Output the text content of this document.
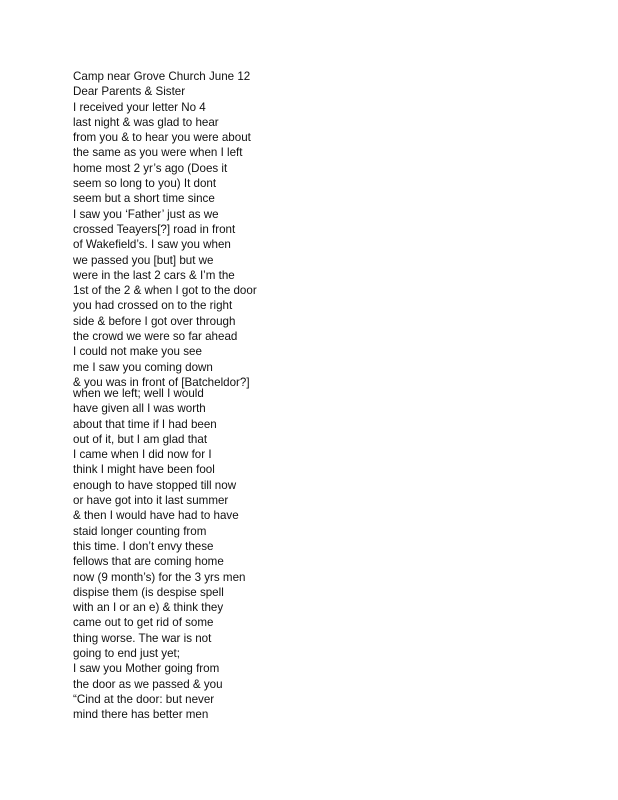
Camp near Grove Church June 12
Dear Parents & Sister
I received your letter No 4
last night & was glad to hear
from you & to hear you were about
the same as you were when I left
home most 2 yr’s ago (Does it
seem so long to you) It dont
seem but a short time since
I saw you ‘Father’ just as we
crossed Teayers[?] road in front
of Wakefield’s. I saw you when
we passed you [but] but we
were in the last 2 cars & I’m the
1st of the 2 & when I got to the door
you had crossed on to the right
side & before I got over through
the crowd we were so far ahead
I could not make you see
me I saw you coming down
& you was in front of [Batcheldor?]
when we left; well I would
have given all I was worth
about that time if I had been
out of it, but I am glad that
I came when I did now for I
think I might have been fool
enough to have stopped till now
or have got into it last summer
& then I would have had to have
staid longer counting from
this time. I don’t envy these
fellows that are coming home
now (9 month’s) for the 3 yrs men
dispise them (is despise spell
with an I or an e) & think they
came out to get rid of some
thing worse. The war is not
going to end just yet;
I saw you Mother going from
the door as we passed & you
“Cind at the door: but never
mind there has better men
